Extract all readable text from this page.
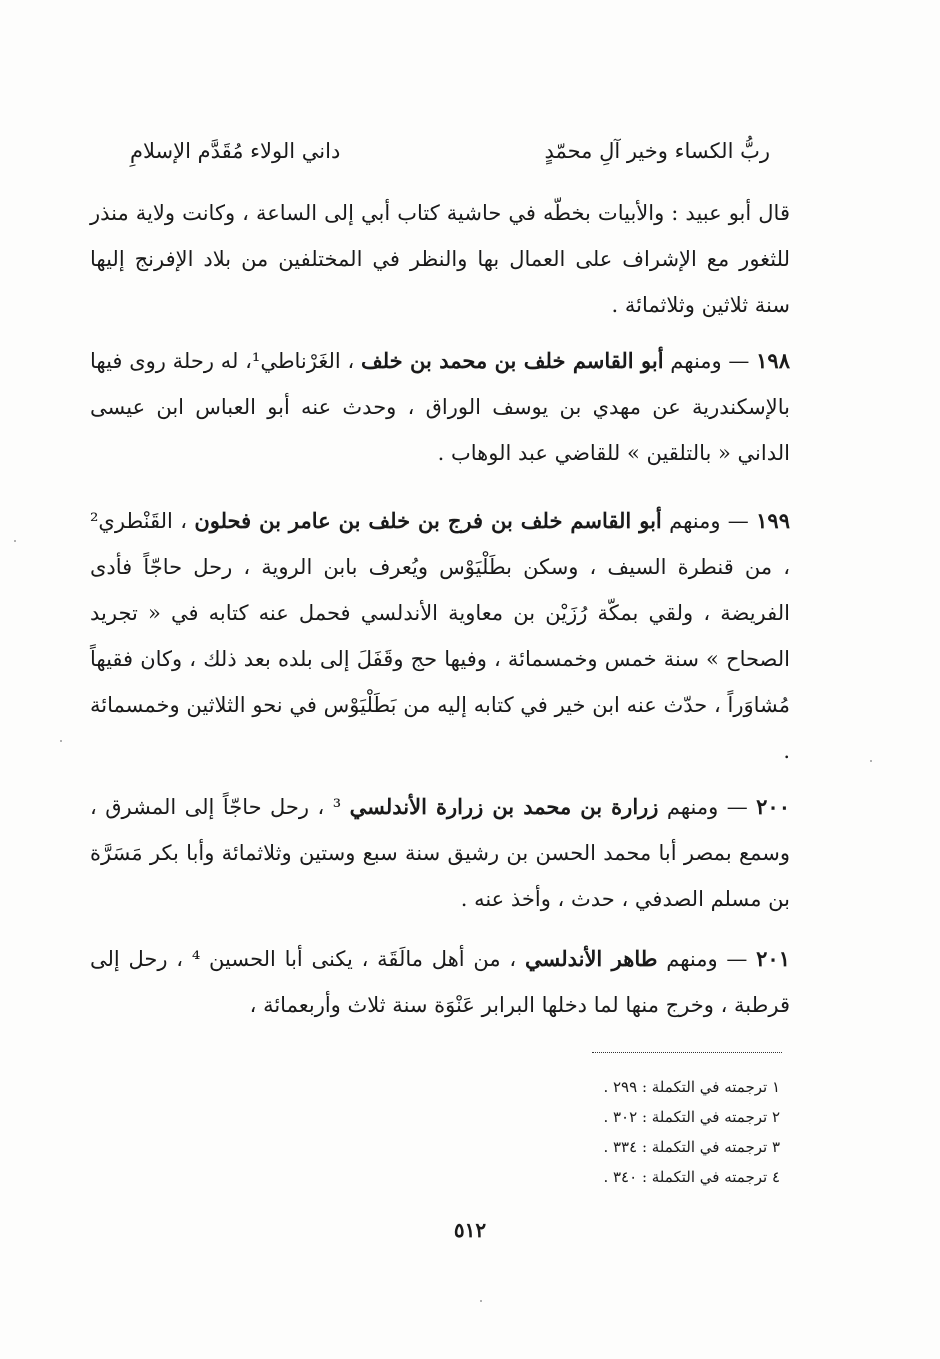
ربُّ الكساء وخير آلِ محمّدٍ
داني الولاء مُقَدَّم الإسلامِ

قال أبو عبيد : والأبيات بخطّه في حاشية كتاب أبي إلى الساعة ، وكانت ولاية منذر للثغور مع الإشراف على العمال بها والنظر في المختلفين من بلاد الإفرنج إليها سنة ثلاثين وثلاثمائة .

١٩٨ — ومنهم أبو القاسم خلف بن محمد بن خلف ، الغَرْناطي¹، له رحلة روى فيها بالإسكندرية عن مهدي بن يوسف الوراق ، وحدث عنه أبو العباس ابن عيسى الداني « بالتلقين » للقاضي عبد الوهاب .

١٩٩ — ومنهم أبو القاسم خلف بن فرج بن خلف بن عامر بن فحلون ، القَنْطري² ، من قنطرة السيف ، وسكن بطَلْيَوْس ويُعرف بابن الروية ، رحل حاجّاً فأدى الفريضة ، ولقي بمكّة رُزَيْن بن معاوية الأندلسي فحمل عنه كتابه في « تجريد الصحاح » سنة خمس وخمسمائة ، وفيها حج وقَفَلَ إلى بلده بعد ذلك ، وكان فقيهاً مُشاوَراً ، حدّث عنه ابن خير في كتابه إليه من بَطَلْيَوْس في نحو الثلاثين وخمسمائة .

٢٠٠ — ومنهم زرارة بن محمد بن زرارة الأندلسي ³ ، رحل حاجّاً إلى المشرق ، وسمع بمصر أبا محمد الحسن بن رشيق سنة سبع وستين وثلاثمائة وأبا بكر مَسَرَّة بن مسلم الصدفي ، حدث ، وأخذ عنه .

٢٠١ — ومنهم طاهر الأندلسي ، من أهل مالَقَة ، يكنى أبا الحسين ⁴ ، رحل إلى قرطبة ، وخرج منها لما دخلها البرابر عَنْوَة سنة ثلاث وأربعمائة ،

١ ترجمته في التكملة : ٢٩٩ .
٢ ترجمته في التكملة : ٣٠٢ .
٣ ترجمته في التكملة : ٣٣٤ .
٤ ترجمته في التكملة : ٣٤٠ .
٥١٢
